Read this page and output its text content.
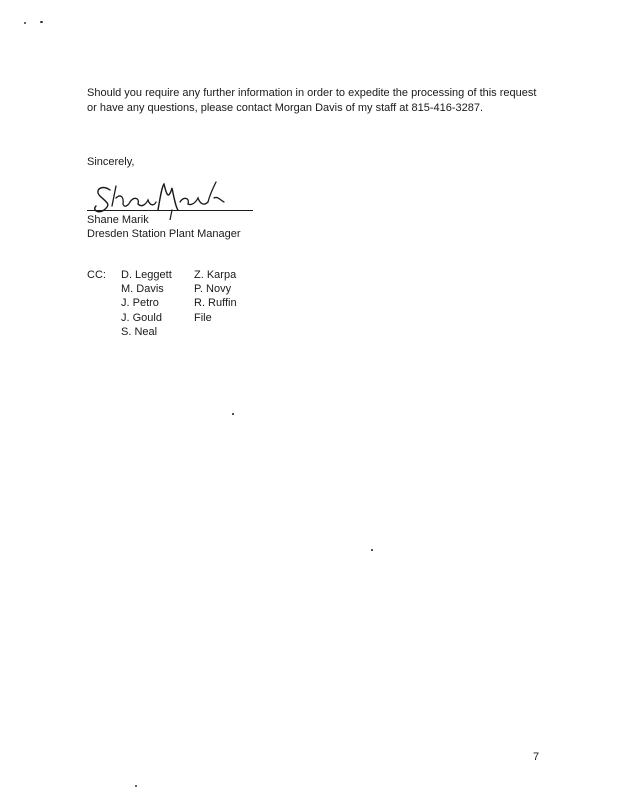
Should you require any further information in order to expedite the processing of this request or have any questions, please contact Morgan Davis of my staff at 815-416-3287.
Sincerely,
Shane Marik
Dresden Station Plant Manager
CC: D. Leggett
M. Davis
J. Petro
J. Gould
S. Neal
Z. Karpa
P. Novy
R. Ruffin
File
7
